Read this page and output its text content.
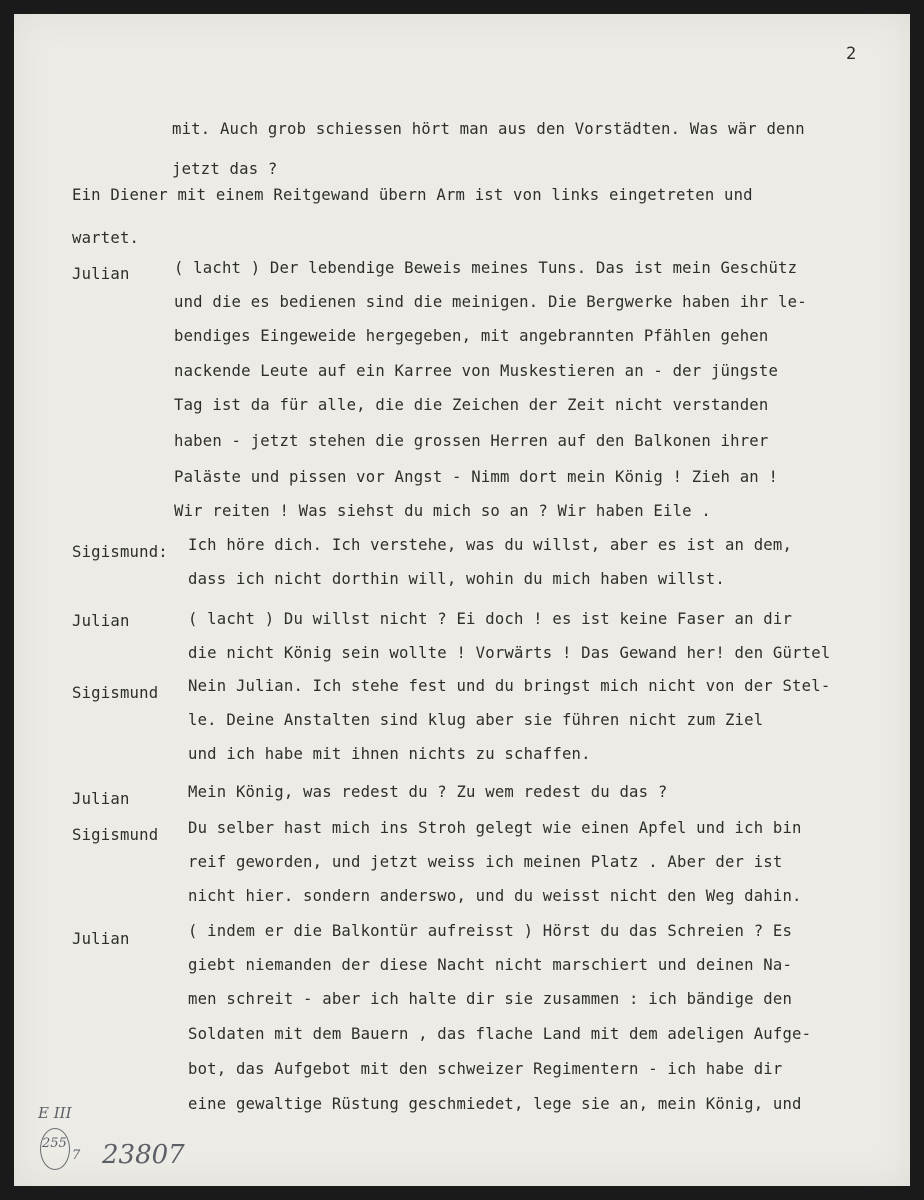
2

mit. Auch grob schiessen hört man aus den Vorstädten. Was wär denn

jetzt das ?

Ein Diener mit einem Reitgewand übern Arm ist von links eingetreten und

wartet.

Julian	( lacht ) Der lebendige Beweis meines Tuns. Das ist mein Geschütz

und die es bedienen sind die meinigen. Die Bergwerke haben ihr le-

bendiges Eingeweide hergegeben, mit angebrannten Pfählen gehen

nackende Leute auf ein Karree von Muskestieren an - der jüngste

Tag ist da für alle, die die Zeichen der Zeit nicht verstanden

haben - jetzt stehen die grossen Herren auf den Balkonen ihrer

Paläste und pissen vor Angst - Nimm dort mein König ! Zieh an !

Wir reiten ! Was siehst du mich so an ? Wir haben Eile .

Sigismund: Ich höre dich. Ich verstehe, was du willst, aber es ist an dem,

dass ich nicht dorthin will, wohin du mich haben willst.

Julian	( lacht ) Du willst nicht ? Ei doch ! es ist keine Faser an dir

die nicht König sein wollte ! Vorwärts ! Das Gewand her! den Gürtel

Sigismund Nein Julian. Ich stehe fest und du bringst mich nicht von der Stel-

le. Deine Anstalten sind klug aber sie führen nicht zum Ziel

und ich habe mit ihnen nichts zu schaffen.

Julian	Mein König, was redest du ? Zu wem redest du das ?

Sigismund Du selber hast mich ins Stroh gelegt wie einen Apfel und ich bin

reif geworden, und jetzt weiss ich meinen Platz . Aber der ist

nicht hier. sondern anderswo, und du weisst nicht den Weg dahin.

Julian	( indem er die Balkontür aufreisst ) Hörst du das Schreien ? Es

giebt niemanden der diese Nacht nicht marschiert und deinen Na-

men schreit - aber ich halte dir sie zusammen : ich bändige den

Soldaten mit dem Bauern , das flache Land mit dem adeligen Aufge-

bot, das Aufgebot mit den schweizer Regimentern - ich habe dir

eine gewaltige Rüstung geschmiedet, lege sie an, mein König, und

E III

255

7 23807
